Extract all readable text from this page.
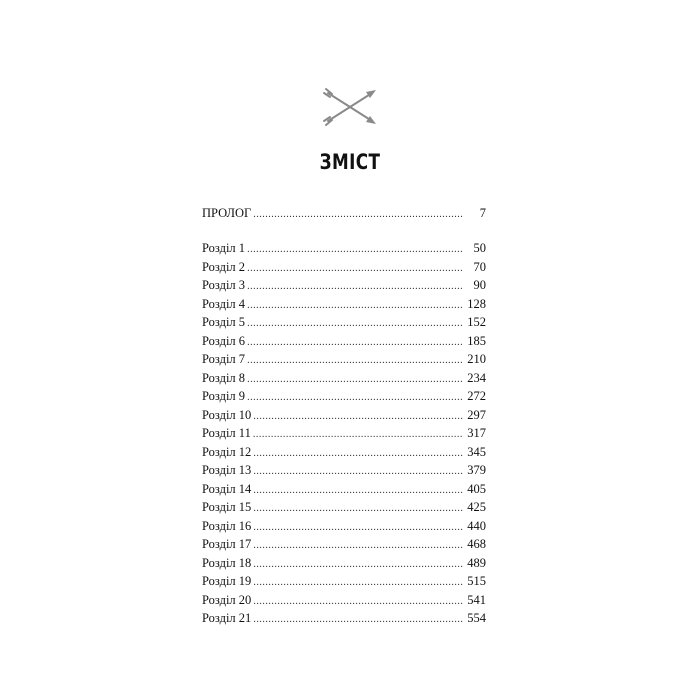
ЗМІСТ
ПРОЛОГ .....	7
Розділ 1 .....	50
Розділ 2 .....	70
Розділ 3 .....	90
Розділ 4 .....	128
Розділ 5 .....	152
Розділ 6 .....	185
Розділ 7 .....	210
Розділ 8 .....	234
Розділ 9 .....	272
Розділ 10 .....	297
Розділ 11 .....	317
Розділ 12 .....	345
Розділ 13 .....	379
Розділ 14 .....	405
Розділ 15 .....	425
Розділ 16 .....	440
Розділ 17 .....	468
Розділ 18 .....	489
Розділ 19 .....	515
Розділ 20 .....	541
Розділ 21 .....	554
